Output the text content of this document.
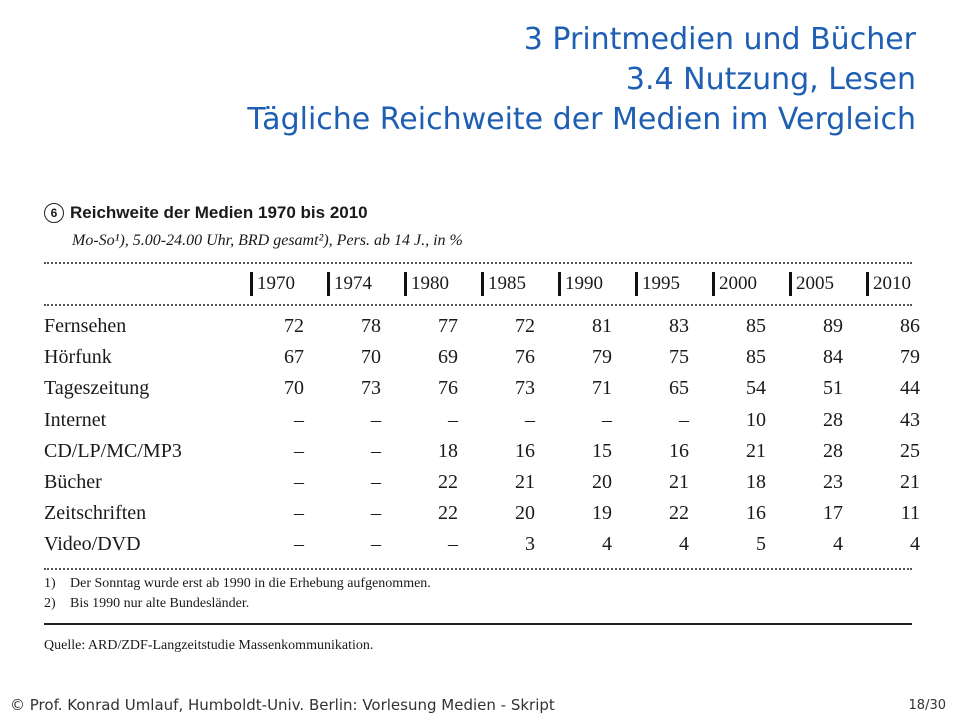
3 Printmedien und Bücher
3.4 Nutzung, Lesen
Tägliche Reichweite der Medien im Vergleich
6 Reichweite der Medien 1970 bis 2010
Mo-So¹), 5.00-24.00 Uhr, BRD gesamt²), Pers. ab 14 J., in %
1970	1974	1980	1985	1990	1995	2000	2005	2010
Fernsehen	72	78	77	72	81	83	85	89	86
Hörfunk	67	70	69	76	79	75	85	84	79
Tageszeitung	70	73	76	73	71	65	54	51	44
Internet	–	–	–	–	–	–	10	28	43
CD/LP/MC/MP3	–	–	18	16	15	16	21	28	25
Bücher	–	–	22	21	20	21	18	23	21
Zeitschriften	–	–	22	20	19	22	16	17	11
Video/DVD	–	–	–	3	4	4	5	4	4
1) Der Sonntag wurde erst ab 1990 in die Erhebung aufgenommen.
2) Bis 1990 nur alte Bundesländer.
Quelle: ARD/ZDF-Langzeitstudie Massenkommunikation.
© Prof. Konrad Umlauf, Humboldt-Univ. Berlin: Vorlesung Medien - Skript	18/30
